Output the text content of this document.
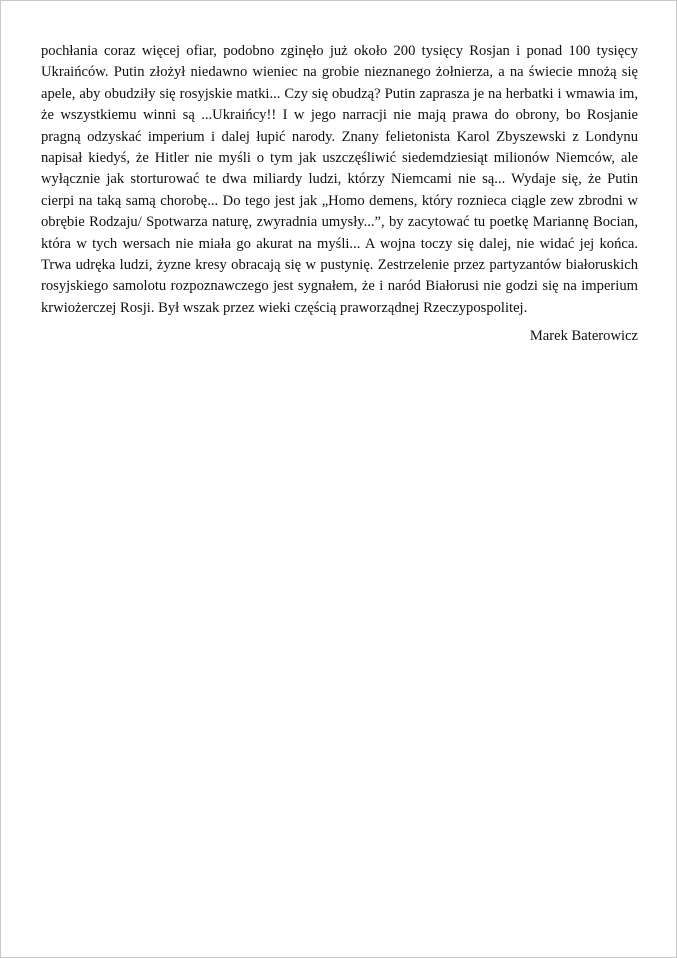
pochłania coraz więcej ofiar, podobno zginęło już około 200 tysięcy Rosjan i ponad 100 tysięcy Ukraińców. Putin złożył niedawno wieniec na grobie nieznanego żołnierza, a na świecie mnożą się apele, aby obudziły się rosyjskie matki... Czy się obudzą? Putin zaprasza je na herbatki i wmawia im, że wszystkiemu winni są ...Ukraińcy!! I w jego narracji nie mają prawa do obrony, bo Rosjanie pragną odzyskać imperium i dalej łupić narody. Znany felietonista Karol Zbyszewski z Londynu napisał kiedyś, że Hitler nie myśli o tym jak uszczęśliwić siedemdziesiąt milionów Niemców, ale wyłącznie jak storturować te dwa miliardy ludzi, którzy Niemcami nie są... Wydaje się, że Putin cierpi na taką samą chorobę... Do tego jest jak „Homo demens, który roznieca ciągle zew zbrodni w obrębie Rodzaju/ Spotwarza naturę, zwyradnia umysły...”, by zacytować tu poetkę Mariannę Bocian, która w tych wersach nie miała go akurat na myśli... A wojna toczy się dalej, nie widać jej końca. Trwa udręka ludzi, żyzne kresy obracają się w pustynię. Zestrzelenie przez partyzantów białoruskich rosyjskiego samolotu rozpoznawczego jest sygnałem, że i naród Białorusi nie godzi się na imperium krwiożerczej Rosji. Był wszak przez wieki częścią praworządnej Rzeczypospolitej.

Marek Baterowicz
